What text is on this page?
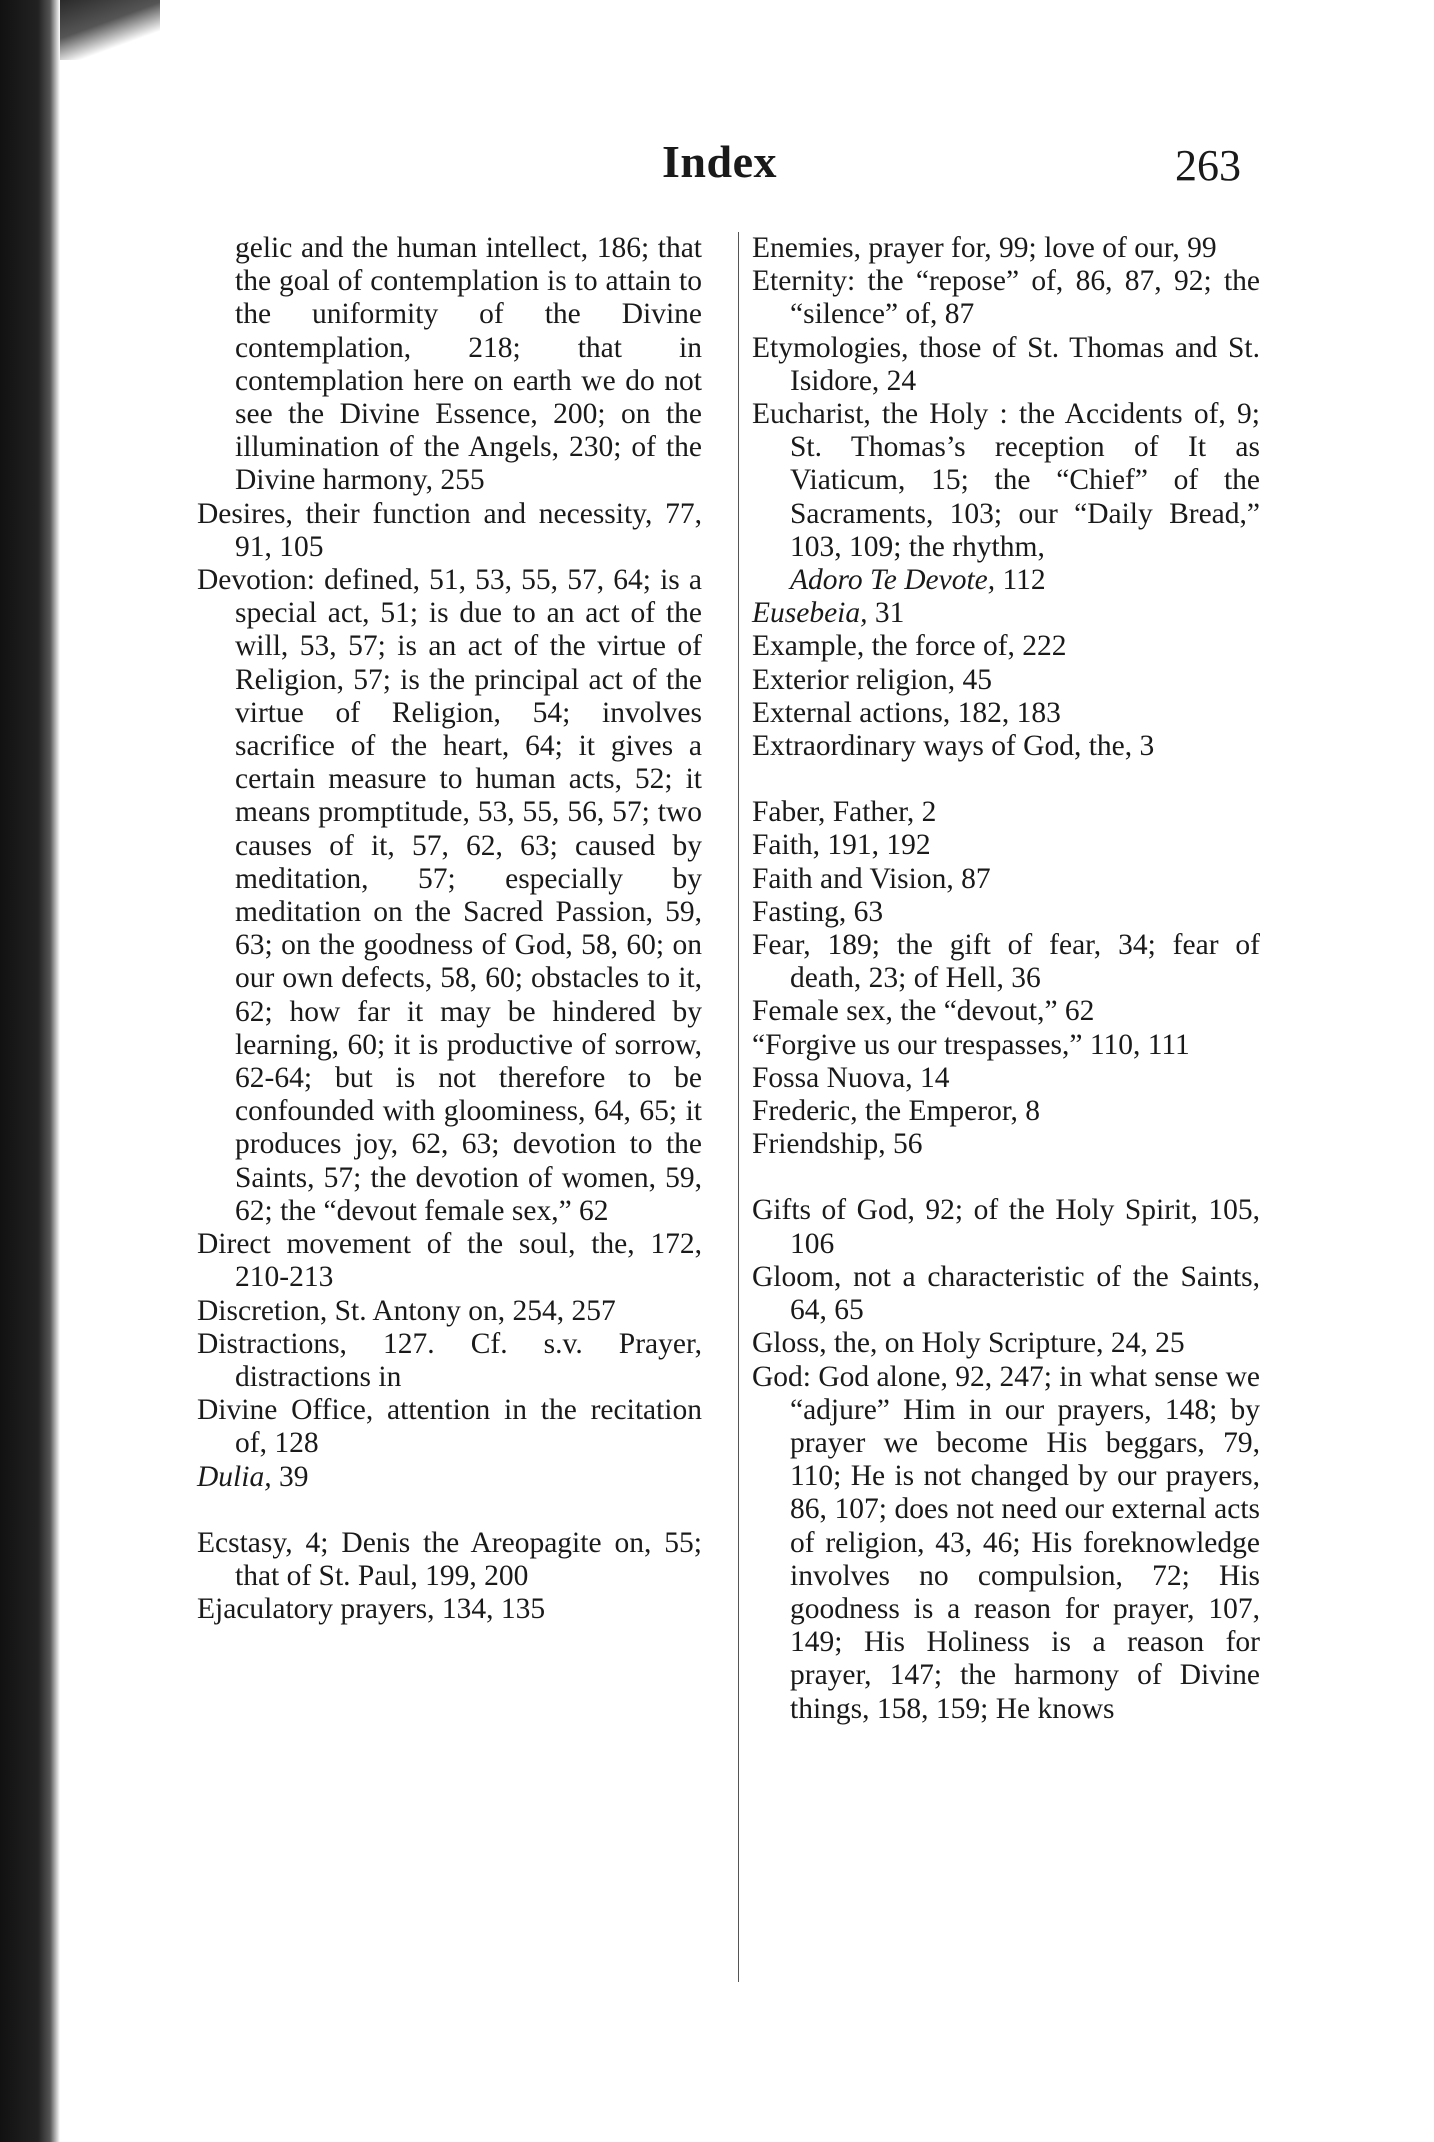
Index	263

gelic and the human intellect, 186; that the goal of contemplation is to attain to the uniformity of the Divine contemplation, 218; that in contemplation here on earth we do not see the Divine Essence, 200; on the illumination of the Angels, 230; of the Divine harmony, 255

Desires, their function and necessity, 77, 91, 105

Devotion: defined, 51, 53, 55, 57, 64; is a special act, 51; is due to an act of the will, 53, 57; is an act of the virtue of Religion, 57; is the principal act of the virtue of Religion, 54; involves sacrifice of the heart, 64; it gives a certain measure to human acts, 52; it means promptitude, 53, 55, 56, 57; two causes of it, 57, 62, 63; caused by meditation, 57; especially by meditation on the Sacred Passion, 59, 63; on the goodness of God, 58, 60; on our own defects, 58, 60; obstacles to it, 62; how far it may be hindered by learning, 60; it is productive of sorrow, 62-64; but is not therefore to be confounded with gloominess, 64, 65; it produces joy, 62, 63; devotion to the Saints, 57; the devotion of women, 59, 62; the “devout female sex,” 62

Direct movement of the soul, the, 172, 210-213

Discretion, St. Antony on, 254, 257

Distractions, 127. Cf. s.v. Prayer, distractions in

Divine Office, attention in the recitation of, 128

Dulia, 39

Ecstasy, 4; Denis the Areopagite on, 55; that of St. Paul, 199, 200

Ejaculatory prayers, 134, 135

Enemies, prayer for, 99; love of our, 99

Eternity: the “repose” of, 86, 87, 92; the “silence” of, 87

Etymologies, those of St. Thomas and St. Isidore, 24

Eucharist, the Holy : the Accidents of, 9; St. Thomas’s reception of It as Viaticum, 15; the “Chief” of the Sacraments, 103; our “Daily Bread,” 103, 109; the rhythm,

Adoro Te Devote, 112

Eusebeia, 31

Example, the force of, 222

Exterior religion, 45

External actions, 182, 183

Extraordinary ways of God, the, 3

Faber, Father, 2

Faith, 191, 192

Faith and Vision, 87

Fasting, 63

Fear, 189; the gift of fear, 34; fear of death, 23; of Hell, 36

Female sex, the “devout,” 62

“Forgive us our trespasses,” 110, 111

Fossa Nuova, 14

Frederic, the Emperor, 8

Friendship, 56

Gifts of God, 92; of the Holy Spirit, 105, 106

Gloom, not a characteristic of the Saints, 64, 65

Gloss, the, on Holy Scripture, 24, 25

God: God alone, 92, 247; in what sense we “adjure” Him in our prayers, 148; by prayer we become His beggars, 79, 110; He is not changed by our prayers, 86, 107; does not need our external acts of religion, 43, 46; His foreknowledge involves no compulsion, 72; His goodness is a reason for prayer, 107, 149; His Holiness is a reason for prayer, 147; the harmony of Divine things, 158, 159; He knows
